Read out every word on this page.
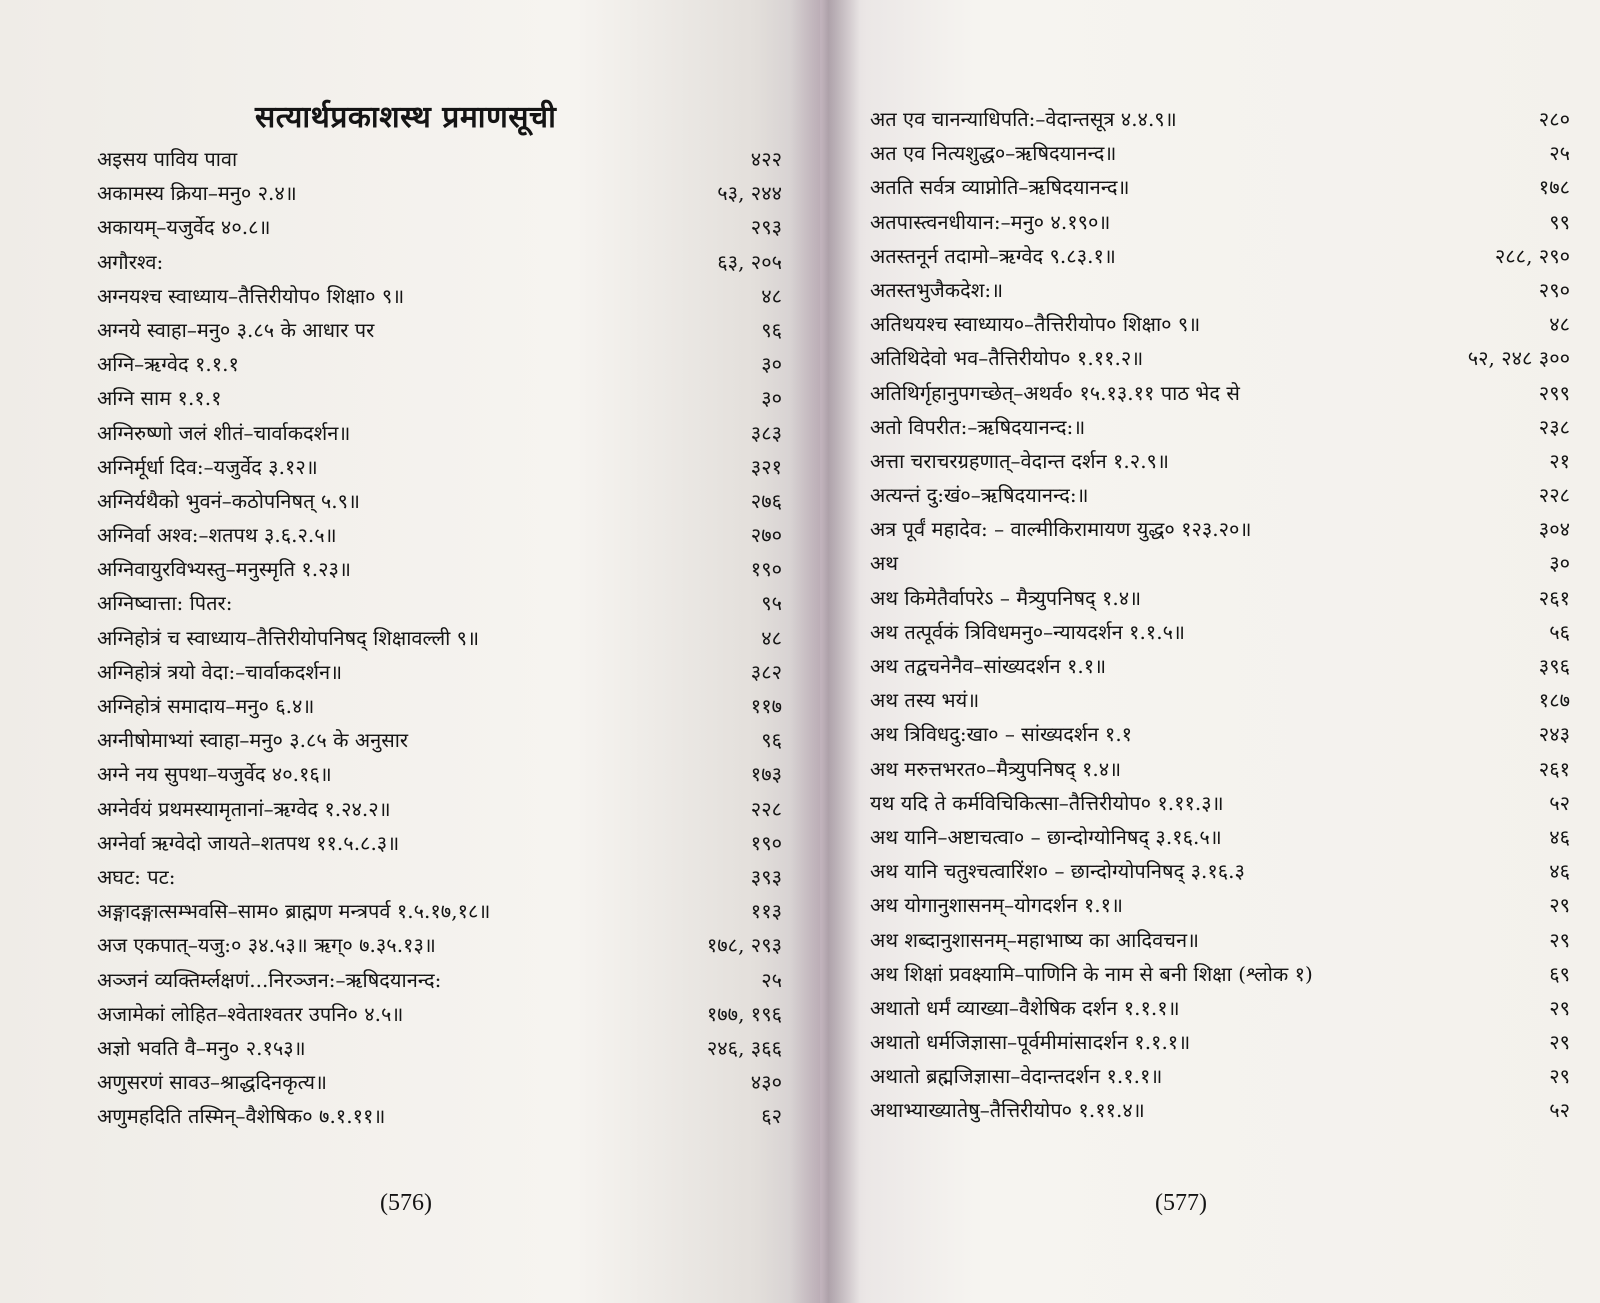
सत्यार्थप्रकाशस्थ प्रमाणसूची
अइसय पाविय पावा	४२२
अकामस्य क्रिया–मनु० २.४॥	५३, २४४
अकायम्–यजुर्वेद ४०.८॥	२९३
अगौरश्व:	६३, २०५
अग्नयश्च स्वाध्याय–तैत्तिरीयोप० शिक्षा० ९॥	४८
अग्नये स्वाहा–मनु० ३.८५ के आधार पर	९६
अग्नि–ऋग्वेद १.१.१	३०
अग्नि साम १.१.१	३०
अग्निरुष्णो जलं शीतं–चार्वाकदर्शन॥	३८३
अग्निर्मूर्धा दिव:–यजुर्वेद ३.१२॥	३२१
अग्निर्यथैको भुवनं–कठोपनिषत् ५.९॥	२७६
अग्निर्वा अश्व:–शतपथ ३.६.२.५॥	२७०
अग्निवायुरविभ्यस्तु–मनुस्मृति १.२३॥	१९०
अग्निष्वात्ता: पितर:	९५
अग्निहोत्रं च स्वाध्याय–तैत्तिरीयोपनिषद् शिक्षावल्ली ९॥	४८
अग्निहोत्रं त्रयो वेदा:–चार्वाकदर्शन॥	३८२
अग्निहोत्रं समादाय–मनु० ६.४॥	११७
अग्नीषोमाभ्यां स्वाहा–मनु० ३.८५ के अनुसार	९६
अग्ने नय सुपथा–यजुर्वेद ४०.१६॥	१७३
अग्नेर्वयं प्रथमस्यामृतानां–ऋग्वेद १.२४.२॥	२२८
अग्नेर्वा ऋग्वेदो जायते–शतपथ ११.५.८.३॥	१९०
अघट: पट:	३९३
अङ्गादङ्गात्सम्भवसि–साम० ब्राह्मण मन्त्रपर्व १.५.१७,१८॥	११३
अज एकपात्–यजु:० ३४.५३॥ ऋग्० ७.३५.१३॥	१७८, २९३
अञ्जनं व्यक्तिर्म्लक्षणं...निरञ्जन:–ऋषिदयानन्द:	२५
अजामेकां लोहित–श्वेताश्वतर उपनि० ४.५॥	१७७, १९६
अज्ञो भवति वै–मनु० २.१५३॥	२४६, ३६६
अणुसरणं सावउ–श्राद्धदिनकृत्य॥	४३०
अणुमहदिति तस्मिन्–वैशेषिक० ७.१.११॥	६२
(576)
अत एव चानन्याधिपति:–वेदान्तसूत्र ४.४.९॥	२८०
अत एव नित्यशुद्ध०–ऋषिदयानन्द॥	२५
अतति सर्वत्र व्याप्नोति–ऋषिदयानन्द॥	१७८
अतपास्त्वनधीयान:–मनु० ४.१९०॥	९९
अतस्तनूर्न तदामो–ऋग्वेद ९.८३.१॥	२८८, २९०
अतस्तभुजैकदेश:॥	२९०
अतिथयश्च स्वाध्याय०–तैत्तिरीयोप० शिक्षा० ९॥	४८
अतिथिदेवो भव–तैत्तिरीयोप० १.११.२॥	५२, २४८ ३००
अतिथिर्गृहानुपगच्छेत्–अथर्व० १५.१३.११ पाठ भेद से	२९९
अतो विपरीत:–ऋषिदयानन्द:॥	२३८
अत्ता चराचरग्रहणात्–वेदान्त दर्शन १.२.९॥	२१
अत्यन्तं दु:खं०–ऋषिदयानन्द:॥	२२८
अत्र पूर्वं महादेव: – वाल्मीकिरामायण युद्ध० १२३.२०॥	३०४
अथ	३०
अथ किमेतैर्वापरेऽ – मैत्र्युपनिषद् १.४॥	२६१
अथ तत्पूर्वकं त्रिविधमनु०–न्यायदर्शन १.१.५॥	५६
अथ तद्वचनेनैव–सांख्यदर्शन १.१॥	३९६
अथ तस्य भयं॥	१८७
अथ त्रिविधदु:खा० – सांख्यदर्शन १.१	२४३
अथ मरुत्तभरत०–मैत्र्युपनिषद् १.४॥	२६१
यथ यदि ते कर्मविचिकित्सा–तैत्तिरीयोप० १.११.३॥	५२
अथ यानि–अष्टाचत्वा० – छान्दोग्योनिषद् ३.१६.५॥	४६
अथ यानि चतुश्चत्वारिंश० – छान्दोग्योपनिषद् ३.१६.३	४६
अथ योगानुशासनम्–योगदर्शन १.१॥	२९
अथ शब्दानुशासनम्–महाभाष्य का आदिवचन॥	२९
अथ शिक्षां प्रवक्ष्यामि–पाणिनि के नाम से बनी शिक्षा (श्लोक १)	६९
अथातो धर्मं व्याख्या–वैशेषिक दर्शन १.१.१॥	२९
अथातो धर्मजिज्ञासा–पूर्वमीमांसादर्शन १.१.१॥	२९
अथातो ब्रह्मजिज्ञासा–वेदान्तदर्शन १.१.१॥	२९
अथाभ्याख्यातेषु–तैत्तिरीयोप० १.११.४॥	५२
(577)
